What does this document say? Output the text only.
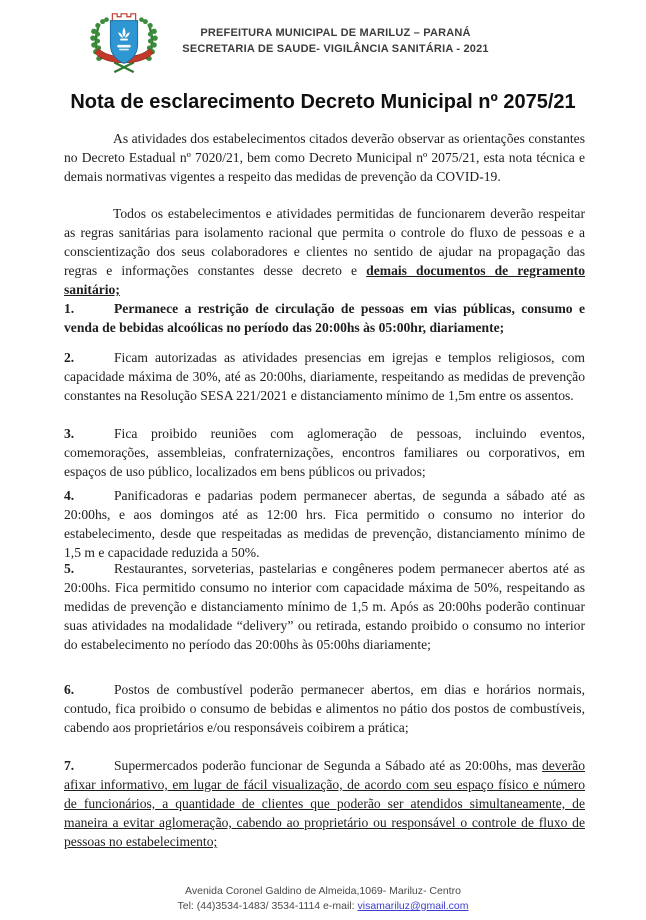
PREFEITURA MUNICIPAL DE MARILUZ – PARANÁ
SECRETARIA DE SAUDE- VIGILÂNCIA SANITÁRIA - 2021
Nota de esclarecimento Decreto Municipal nº 2075/21

As atividades dos estabelecimentos citados deverão observar as orientações constantes no Decreto Estadual nº 7020/21, bem como Decreto Municipal nº 2075/21, esta nota técnica e demais normativas vigentes a respeito das medidas de prevenção da COVID-19.

Todos os estabelecimentos e atividades permitidas de funcionarem deverão respeitar as regras sanitárias para isolamento racional que permita o controle do fluxo de pessoas e a conscientização dos seus colaboradores e clientes no sentido de ajudar na propagação das regras e informações constantes desse decreto e demais documentos de regramento sanitário;

1.	Permanece a restrição de circulação de pessoas em vias públicas, consumo e venda de bebidas alcoólicas no período das 20:00hs às 05:00hr, diariamente;

2.	Ficam autorizadas as atividades presencias em igrejas e templos religiosos, com capacidade máxima de 30%, até as 20:00hs, diariamente, respeitando as medidas de prevenção constantes na Resolução SESA 221/2021 e distanciamento mínimo de 1,5m entre os assentos.

3.	Fica proibido reuniões com aglomeração de pessoas, incluindo eventos, comemorações, assembleias, confraternizações, encontros familiares ou corporativos, em espaços de uso público, localizados em bens públicos ou privados;

4.	Panificadoras e padarias podem permanecer abertas, de segunda a sábado até as 20:00hs, e aos domingos até as 12:00 hrs. Fica permitido o consumo no interior do estabelecimento, desde que respeitadas as medidas de prevenção, distanciamento mínimo de 1,5 m e capacidade reduzida a 50%.

5.	Restaurantes, sorveterias, pastelarias e congêneres podem permanecer abertos até as 20:00hs. Fica permitido consumo no interior com capacidade máxima de 50%, respeitando as medidas de prevenção e distanciamento mínimo de 1,5 m. Após as 20:00hs poderão continuar suas atividades na modalidade “delivery” ou retirada, estando proibido o consumo no interior do estabelecimento no período das 20:00hs às 05:00hs diariamente;

6.	Postos de combustível poderão permanecer abertos, em dias e horários normais, contudo, fica proibido o consumo de bebidas e alimentos no pátio dos postos de combustíveis, cabendo aos proprietários e/ou responsáveis coibirem a prática;

7.	Supermercados poderão funcionar de Segunda a Sábado até as 20:00hs, mas deverão afixar informativo, em lugar de fácil visualização, de acordo com seu espaço físico e número de funcionários, a quantidade de clientes que poderão ser atendidos simultaneamente, de maneira a evitar aglomeração, cabendo ao proprietário ou responsável o controle de fluxo de pessoas no estabelecimento;

Avenida Coronel Galdino de Almeida,1069- Mariluz- Centro
Tel: (44)3534-1483/ 3534-1114 e-mail: visamariluz@gmail.com
